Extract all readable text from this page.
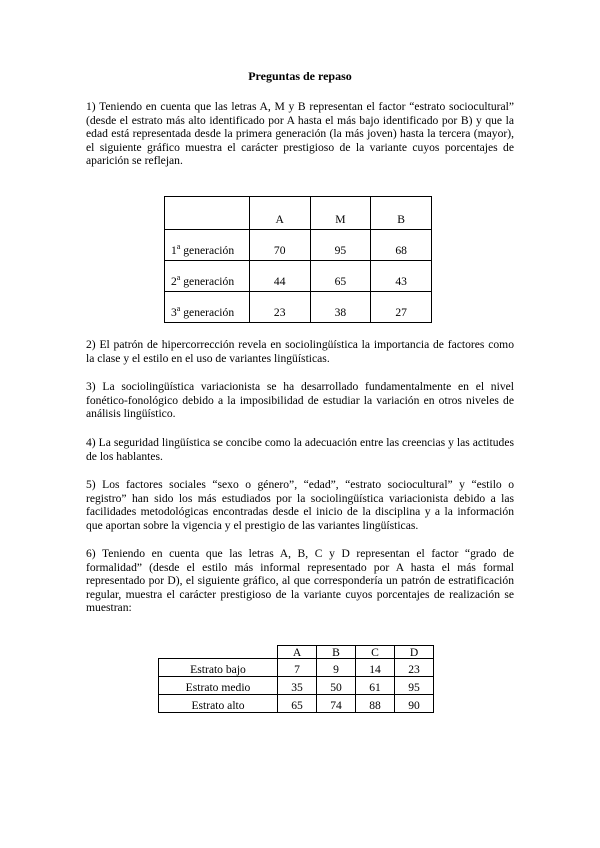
Preguntas de repaso

1) Teniendo en cuenta que las letras A, M y B representan el factor “estrato sociocultural” (desde el estrato más alto identificado por A hasta el más bajo identificado por B) y que la edad está representada desde la primera generación (la más joven) hasta la tercera (mayor), el siguiente gráfico muestra el carácter prestigioso de la variante cuyos porcentajes de aparición se reflejan.

	A	M	B
1$^a$ generación	70	95	68
2$^a$ generación	44	65	43
3$^a$ generación	23	38	27

2) El patrón de hipercorrección revela en sociolingüística la importancia de factores como la clase y el estilo en el uso de variantes lingüísticas.

3) La sociolingüística variacionista se ha desarrollado fundamentalmente en el nivel fonético-fonológico debido a la imposibilidad de estudiar la variación en otros niveles de análisis lingüístico.

4) La seguridad lingüística se concibe como la adecuación entre las creencias y las actitudes de los hablantes.

5) Los factores sociales “sexo o género”, “edad”, “estrato sociocultural” y “estilo o registro” han sido los más estudiados por la sociolingüística variacionista debido a las facilidades metodológicas encontradas desde el inicio de la disciplina y a la información que aportan sobre la vigencia y el prestigio de las variantes lingüísticas.

6) Teniendo en cuenta que las letras A, B, C y D representan el factor “grado de formalidad” (desde el estilo más informal representado por A hasta el más formal representado por D), el siguiente gráfico, al que correspondería un patrón de estratificación regular, muestra el carácter prestigioso de la variante cuyos porcentajes de realización se muestran:

	A	B	C	D
Estrato bajo	7	9	14	23
Estrato medio	35	50	61	95
Estrato alto	65	74	88	90
